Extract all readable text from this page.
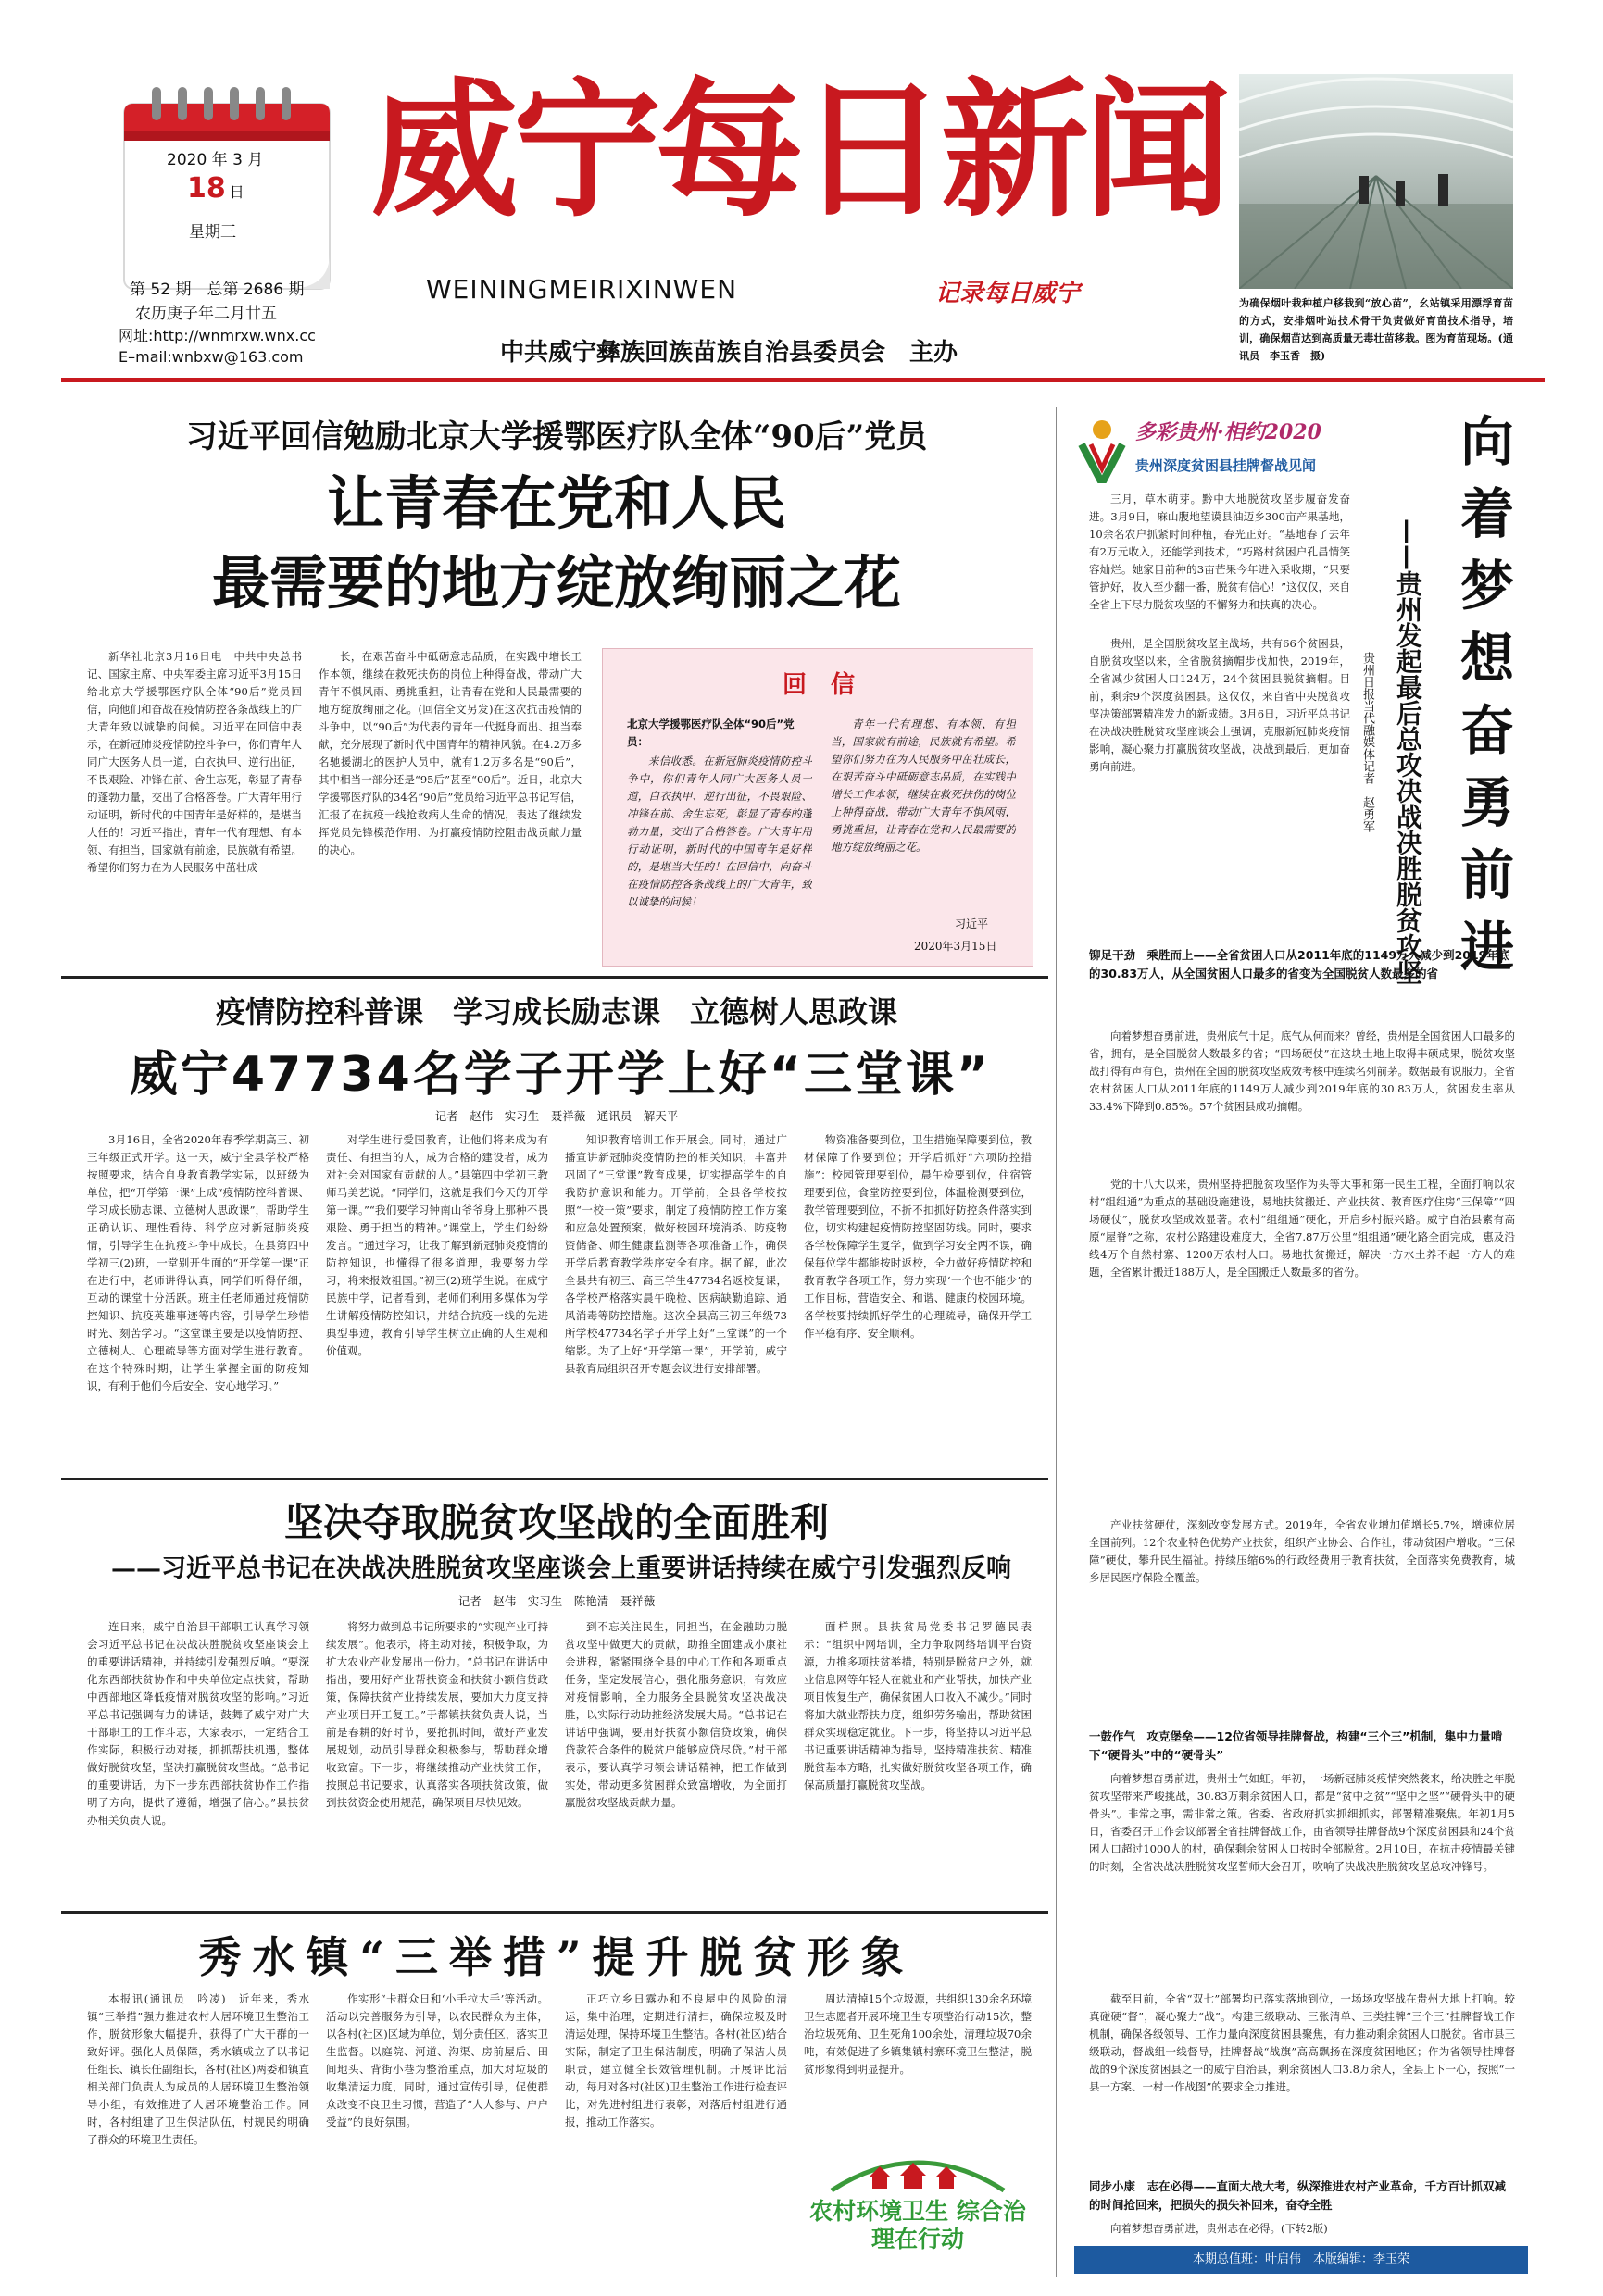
2020 年 3 月
18 日
星期三
第 52 期　总第 2686 期
农历庚子年二月廿五
网址:http://wnmrxw.wnx.cc
E–mail:wnbxw@163.com
威宁每日新闻
WEININGMEIRIXINWEN	记录每日威宁
中共威宁彝族回族苗族自治县委员会　主办
为确保烟叶栽种植户移栽到“放心苗”，幺站镇采用漂浮育苗的方式，安排烟叶站技术骨干负责做好育苗技术指导，培训，确保烟苗达到高质量无毒壮苗移栽。图为育苗现场。(通讯员　李玉香　摄)
习近平回信勉励北京大学援鄂医疗队全体“90后”党员
让青春在党和人民
最需要的地方绽放绚丽之花

新华社北京3月16日电　中共中央总书记、国家主席、中央军委主席习近平3月15日给北京大学援鄂医疗队全体“90后”党员回信，向他们和奋战在疫情防控各条战线上的广大青年致以诚挚的问候。习近平在回信中表示，在新冠肺炎疫情防控斗争中，你们青年人同广大医务人员一道，白衣执甲、逆行出征，不畏艰险、冲锋在前、舍生忘死，彰显了青春的蓬勃力量，交出了合格答卷。广大青年用行动证明，新时代的中国青年是好样的，是堪当大任的！习近平指出，青年一代有理想、有本领、有担当，国家就有前途，民族就有希望。希望你们努力在为人民服务中茁壮成

长，在艰苦奋斗中砥砺意志品质，在实践中增长工作本领，继续在救死扶伤的岗位上种得奋战，带动广大青年不惧风雨、勇挑重担，让青春在党和人民最需要的地方绽放绚丽之花。(回信全文另发)在这次抗击疫情的斗争中，以“90后”为代表的青年一代挺身而出、担当奉献，充分展现了新时代中国青年的精神风貌。在4.2万多名驰援湖北的医护人员中，就有1.2万多名是“90后”，其中相当一部分还是“95后”甚至“00后”。近日，北京大学援鄂医疗队的34名“90后”党员给习近平总书记写信，汇报了在抗疫一线抢救病人生命的情况，表达了继续发挥党员先锋模范作用、为打赢疫情防控阻击战贡献力量的决心。

回　信
北京大学援鄂医疗队全体“90后”党员：
来信收悉。在新冠肺炎疫情防控斗争中，你们青年人同广大医务人员一道，白衣执甲、逆行出征，不畏艰险、冲锋在前、舍生忘死，彰显了青春的蓬勃力量，交出了合格答卷。广大青年用行动证明，新时代的中国青年是好样的，是堪当大任的！在回信中，向奋斗在疫情防控各条战线上的广大青年，致以诚挚的问候！
青年一代有理想、有本领、有担当，国家就有前途，民族就有希望。希望你们努力在为人民服务中茁壮成长，在艰苦奋斗中砥砺意志品质，在实践中增长工作本领，继续在救死扶伤的岗位上种得奋战，带动广大青年不惧风雨，勇挑重担，让青春在党和人民最需要的地方绽放绚丽之花。
习近平
2020年3月15日
疫情防控科普课　学习成长励志课　立德树人思政课
威宁47734名学子开学上好“三堂课”
记者　赵伟　实习生　聂祥薇　通讯员　解天平

3月16日，全省2020年春季学期高三、初三年级正式开学。这一天，威宁全县学校严格按照要求，结合自身教育教学实际，以班级为单位，把“开学第一课”上成“疫情防控科普课、学习成长励志课、立德树人思政课”，帮助学生正确认识、理性看待、科学应对新冠肺炎疫情，引导学生在抗疫斗争中成长。在县第四中学初三(2)班，一堂别开生面的“开学第一课”正在进行中，老师讲得认真，同学们听得仔细，互动的课堂十分活跃。班主任老师通过疫情防控知识、抗疫英雄事迹等内容，引导学生珍惜时光、刻苦学习。“这堂课主要是以疫情防控、立德树人、心理疏导等方面对学生进行教育。在这个特殊时期，让学生掌握全面的防疫知识，有利于他们今后安全、安心地学习。”

对学生进行爱国教育，让他们将来成为有责任、有担当的人，成为合格的建设者，成为对社会对国家有贡献的人。”县第四中学初三教师马美艺说。“同学们，这就是我们今天的开学第一课。”“我们要学习钟南山爷爷身上那种不畏艰险、勇于担当的精神。”课堂上，学生们纷纷发言。“通过学习，让我了解到新冠肺炎疫情的防控知识，也懂得了很多道理，我要努力学习，将来报效祖国。”初三(2)班学生说。在威宁民族中学，记者看到，老师们利用多媒体为学生讲解疫情防控知识，并结合抗疫一线的先进典型事迹，教育引导学生树立正确的人生观和价值观。

知识教育培训工作开展会。同时，通过广播宣讲新冠肺炎疫情防控的相关知识，丰富并巩固了“三堂课”教育成果，切实提高学生的自我防护意识和能力。开学前，全县各学校按照“一校一策”要求，制定了疫情防控工作方案和应急处置预案，做好校园环境消杀、防疫物资储备、师生健康监测等各项准备工作，确保开学后教育教学秩序安全有序。据了解，此次全县共有初三、高三学生47734名返校复课，各学校严格落实晨午晚检、因病缺勤追踪、通风消毒等防控措施。这次全县高三初三年级73所学校47734名学子开学上好“三堂课”的一个缩影。为了上好“开学第一课”，开学前，威宁县教育局组织召开专题会议进行安排部署。

物资准备要到位，卫生措施保障要到位，教材保障了作要到位；开学后抓好“六项防控措施”：校园管理要到位，晨午检要到位，住宿管理要到位，食堂防控要到位，体温检测要到位，教学管理要到位，不折不扣抓好防控条件落实到位，切实构建起疫情防控坚固防线。同时，要求各学校保障学生复学，做到学习安全两不误，确保每位学生都能按时返校，全力做好疫情防控和教育教学各项工作，努力实现‘一个也不能少’的工作目标，营造安全、和谐、健康的校园环境。各学校要持续抓好学生的心理疏导，确保开学工作平稳有序、安全顺利。

坚决夺取脱贫攻坚战的全面胜利
——习近平总书记在决战决胜脱贫攻坚座谈会上重要讲话持续在威宁引发强烈反响
记者　赵伟　实习生　陈艳清　聂祥薇

连日来，威宁自治县干部职工认真学习领会习近平总书记在决战决胜脱贫攻坚座谈会上的重要讲话精神，并持续引发强烈反响。“要深化东西部扶贫协作和中央单位定点扶贫，帮助中西部地区降低疫情对脱贫攻坚的影响。”习近平总书记强调有力的讲话，鼓舞了威宁对广大干部职工的工作斗志，大家表示，一定结合工作实际，积极行动对接，抓抓帮扶机遇，整体做好脱贫攻坚，坚决打赢脱贫攻坚战。“总书记的重要讲话，为下一步东西部扶贫协作工作指明了方向，提供了遵循，增强了信心。”县扶贫办相关负责人说。

将努力做到总书记所要求的“实现产业可持续发展”。他表示，将主动对接，积极争取，为扩大农业产业发展出一份力。“总书记在讲话中指出，要用好产业帮扶资金和扶贫小额信贷政策，保障扶贫产业持续发展，要加大力度支持产业项目开工复工。”于都镇扶贫负责人说，当前是春耕的好时节，要抢抓时间，做好产业发展规划，动员引导群众积极参与，帮助群众增收致富。下一步，将继续推动产业扶贫工作，按照总书记要求，认真落实各项扶贫政策，做到扶贫资金使用规范，确保项目尽快见效。

到不忘关注民生，同担当，在金融助力脱贫攻坚中做更大的贡献，助推全面建成小康社会进程，紧紧围绕全县的中心工作和各项重点任务，坚定发展信心，强化服务意识，有效应对疫情影响，全力服务全县脱贫攻坚决战决胜，以实际行动助推经济发展大局。“总书记在讲话中强调，要用好扶贫小额信贷政策，确保贷款符合条件的脱贫户能够应贷尽贷。”村干部表示，要认真学习领会讲话精神，把工作做到实处，带动更多贫困群众致富增收，为全面打赢脱贫攻坚战贡献力量。

面样照。县扶贫局党委书记罗德民表示：“组织中网培训，全力争取网络培训平台资源，力推多项扶贫举措，特别是脱贫户之外，就业信息网等年轻人在就业和产业帮扶，加快产业项目恢复生产，确保贫困人口收入不减少。”同时将加大就业帮扶力度，组织劳务输出，帮助贫困群众实现稳定就业。下一步，将坚持以习近平总书记重要讲话精神为指导，坚持精准扶贫、精准脱贫基本方略，扎实做好脱贫攻坚各项工作，确保高质量打赢脱贫攻坚战。

秀水镇“三举措”提升脱贫形象

本报讯(通讯员　吟凌)　近年来，秀水镇“三举措”强力推进农村人居环境卫生整治工作，脱贫形象大幅提升，获得了广大干群的一致好评。强化人员保障，秀水镇成立了以书记任组长、镇长任副组长，各村(社区)两委和镇直相关部门负责人为成员的人居环境卫生整治领导小组，有效推进了人居环境整治工作。同时，各村组建了卫生保洁队伍，村规民约明确了群众的环境卫生责任。

作实形“卡群众日和‘小手拉大手’等活动。活动以完善服务为引导，以农民群众为主体，以各村(社区)区域为单位，划分责任区，落实卫生监督。以庭院、河道、沟渠、房前屋后、田间地头、背街小巷为整治重点，加大对垃圾的收集清运力度，同时，通过宣传引导，促使群众改变不良卫生习惯，营造了“人人参与、户户受益”的良好氛围。

正巧立乡日露办和不良屋中的风险的清运，集中治理，定期进行清扫，确保垃圾及时清运处理，保持环境卫生整洁。各村(社区)结合实际，制定了卫生保洁制度，明确了保洁人员职责，建立健全长效管理机制。开展评比活动，每月对各村(社区)卫生整治工作进行检查评比，对先进村组进行表彰，对落后村组进行通报，推动工作落实。

周边清掉15个垃圾源，共组织130余名环境卫生志愿者开展环境卫生专项整治行动15次，整治垃圾死角、卫生死角100余处，清理垃圾70余吨，有效促进了乡镇集镇村寨环境卫生整洁，脱贫形象得到明显提升。

农村环境卫生 综合治理在行动
多彩贵州·相约2020
贵州深度贫困县挂牌督战见闻	向着梦想奋勇前进
——贵州发起最后总攻决战决胜脱贫攻坚
贵州日报当代融媒体记者　赵勇军

三月，草木萌芽。黔中大地脱贫攻坚步履奋发奋进。3月9日，麻山腹地望谟县油迈乡300亩产果基地，10余名农户抓紧时间种植，春光正好。“基地春了去年有2万元收入，还能学到技术，“巧路村贫困户孔昌情笑容灿烂。她家目前种的3亩芒果今年进入采收期，“只要管护好，收入至少翻一番，脱贫有信心！”这仅仅，来自全省上下尽力脱贫攻坚的不懈努力和扶真的决心。

贵州，是全国脱贫攻坚主战场，共有66个贫困县，自脱贫攻坚以来，全省脱贫摘帽步伐加快，2019年，全省减少贫困人口124万，24个贫困县脱贫摘帽。目前，剩余9个深度贫困县。这仅仅，来自省中央脱贫攻坚决策部署精准发力的新成绩。3月6日，习近平总书记在决战决胜脱贫攻坚座谈会上强调，克服新冠肺炎疫情影响，凝心聚力打赢脱贫攻坚战，决战到最后，更加奋勇向前进。

铆足干劲　乘胜而上——全省贫困人口从2011年底的1149万人减少到2019年底的30.83万人，从全国贫困人口最多的省变为全国脱贫人数最多的省

向着梦想奋勇前进，贵州底气十足。底气从何而来？曾经，贵州是全国贫困人口最多的省，拥有，是全国脱贫人数最多的省；“四场硬仗”在这块土地上取得丰硕成果，脱贫攻坚战打得有声有色，贵州在全国的脱贫攻坚成效考核中连续名列前茅。数据最有说服力。全省农村贫困人口从2011年底的1149万人减少到2019年底的30.83万人，贫困发生率从33.4%下降到0.85%。57个贫困县成功摘帽。

党的十八大以来，贵州坚持把脱贫攻坚作为头等大事和第一民生工程，全面打响以农村“组组通”为重点的基础设施建设，易地扶贫搬迁、产业扶贫、教育医疗住房“三保障”“四场硬仗”，脱贫攻坚成效显著。农村“组组通”硬化，开启乡村振兴路。威宁自治县素有高原“屋脊”之称，农村公路建设难度大，全省7.87万公里“组组通”硬化路全面完成，惠及沿线4万个自然村寨、1200万农村人口。易地扶贫搬迁，解决一方水土养不起一方人的难题，全省累计搬迁188万人，是全国搬迁人数最多的省份。

产业扶贫硬仗，深刻改变发展方式。2019年，全省农业增加值增长5.7%，增速位居全国前列。12个农业特色优势产业扶贫，组织产业协会、合作社，带动贫困户增收。“三保障”硬仗，攀升民生福祉。持续压缩6%的行政经费用于教育扶贫，全面落实免费教育，城乡居民医疗保险全覆盖。

一鼓作气　攻克堡垒——12位省领导挂牌督战，构建“三个三”机制，集中力量啃下“硬骨头”中的“硬骨头”

向着梦想奋勇前进，贵州士气如虹。年初，一场新冠肺炎疫情突然袭来，给决胜之年脱贫攻坚带来严峻挑战，30.83万剩余贫困人口，都是“贫中之贫”“坚中之坚”“硬骨头中的硬骨头”。非常之事，需非常之策。省委、省政府抓实抓细抓实，部署精准聚焦。年初1月5日，省委召开工作会议部署全省挂牌督战工作，由省领导挂牌督战9个深度贫困县和24个贫困人口超过1000人的村，确保剩余贫困人口按时全部脱贫。2月10日，在抗击疫情最关键的时刻，全省决战决胜脱贫攻坚誓师大会召开，吹响了决战决胜脱贫攻坚总攻冲锋号。

截至目前，全省“双七”部署均已落实落地到位，一场场攻坚战在贵州大地上打响。较真碰硬“督”，凝心聚力“战”。构建三级联动、三张清单、三类挂牌“三个三”挂牌督战工作机制，确保各级领导、工作力量向深度贫困县聚焦，有力推动剩余贫困人口脱贫。省市县三级联动，督战组一线督导，挂牌督战“战旗”高高飘扬在深度贫困地区；作为省领导挂牌督战的9个深度贫困县之一的威宁自治县，剩余贫困人口3.8万余人，全县上下一心，按照“一县一方案、一村一作战图”的要求全力推进。

同步小康　志在必得——直面大战大考，纵深推进农村产业革命，千方百计抓双减的时间抢回来，把损失的损失补回来，奋夺全胜

向着梦想奋勇前进，贵州志在必得。(下转2版)

本期总值班：叶启伟　本版编辑：李玉荣
